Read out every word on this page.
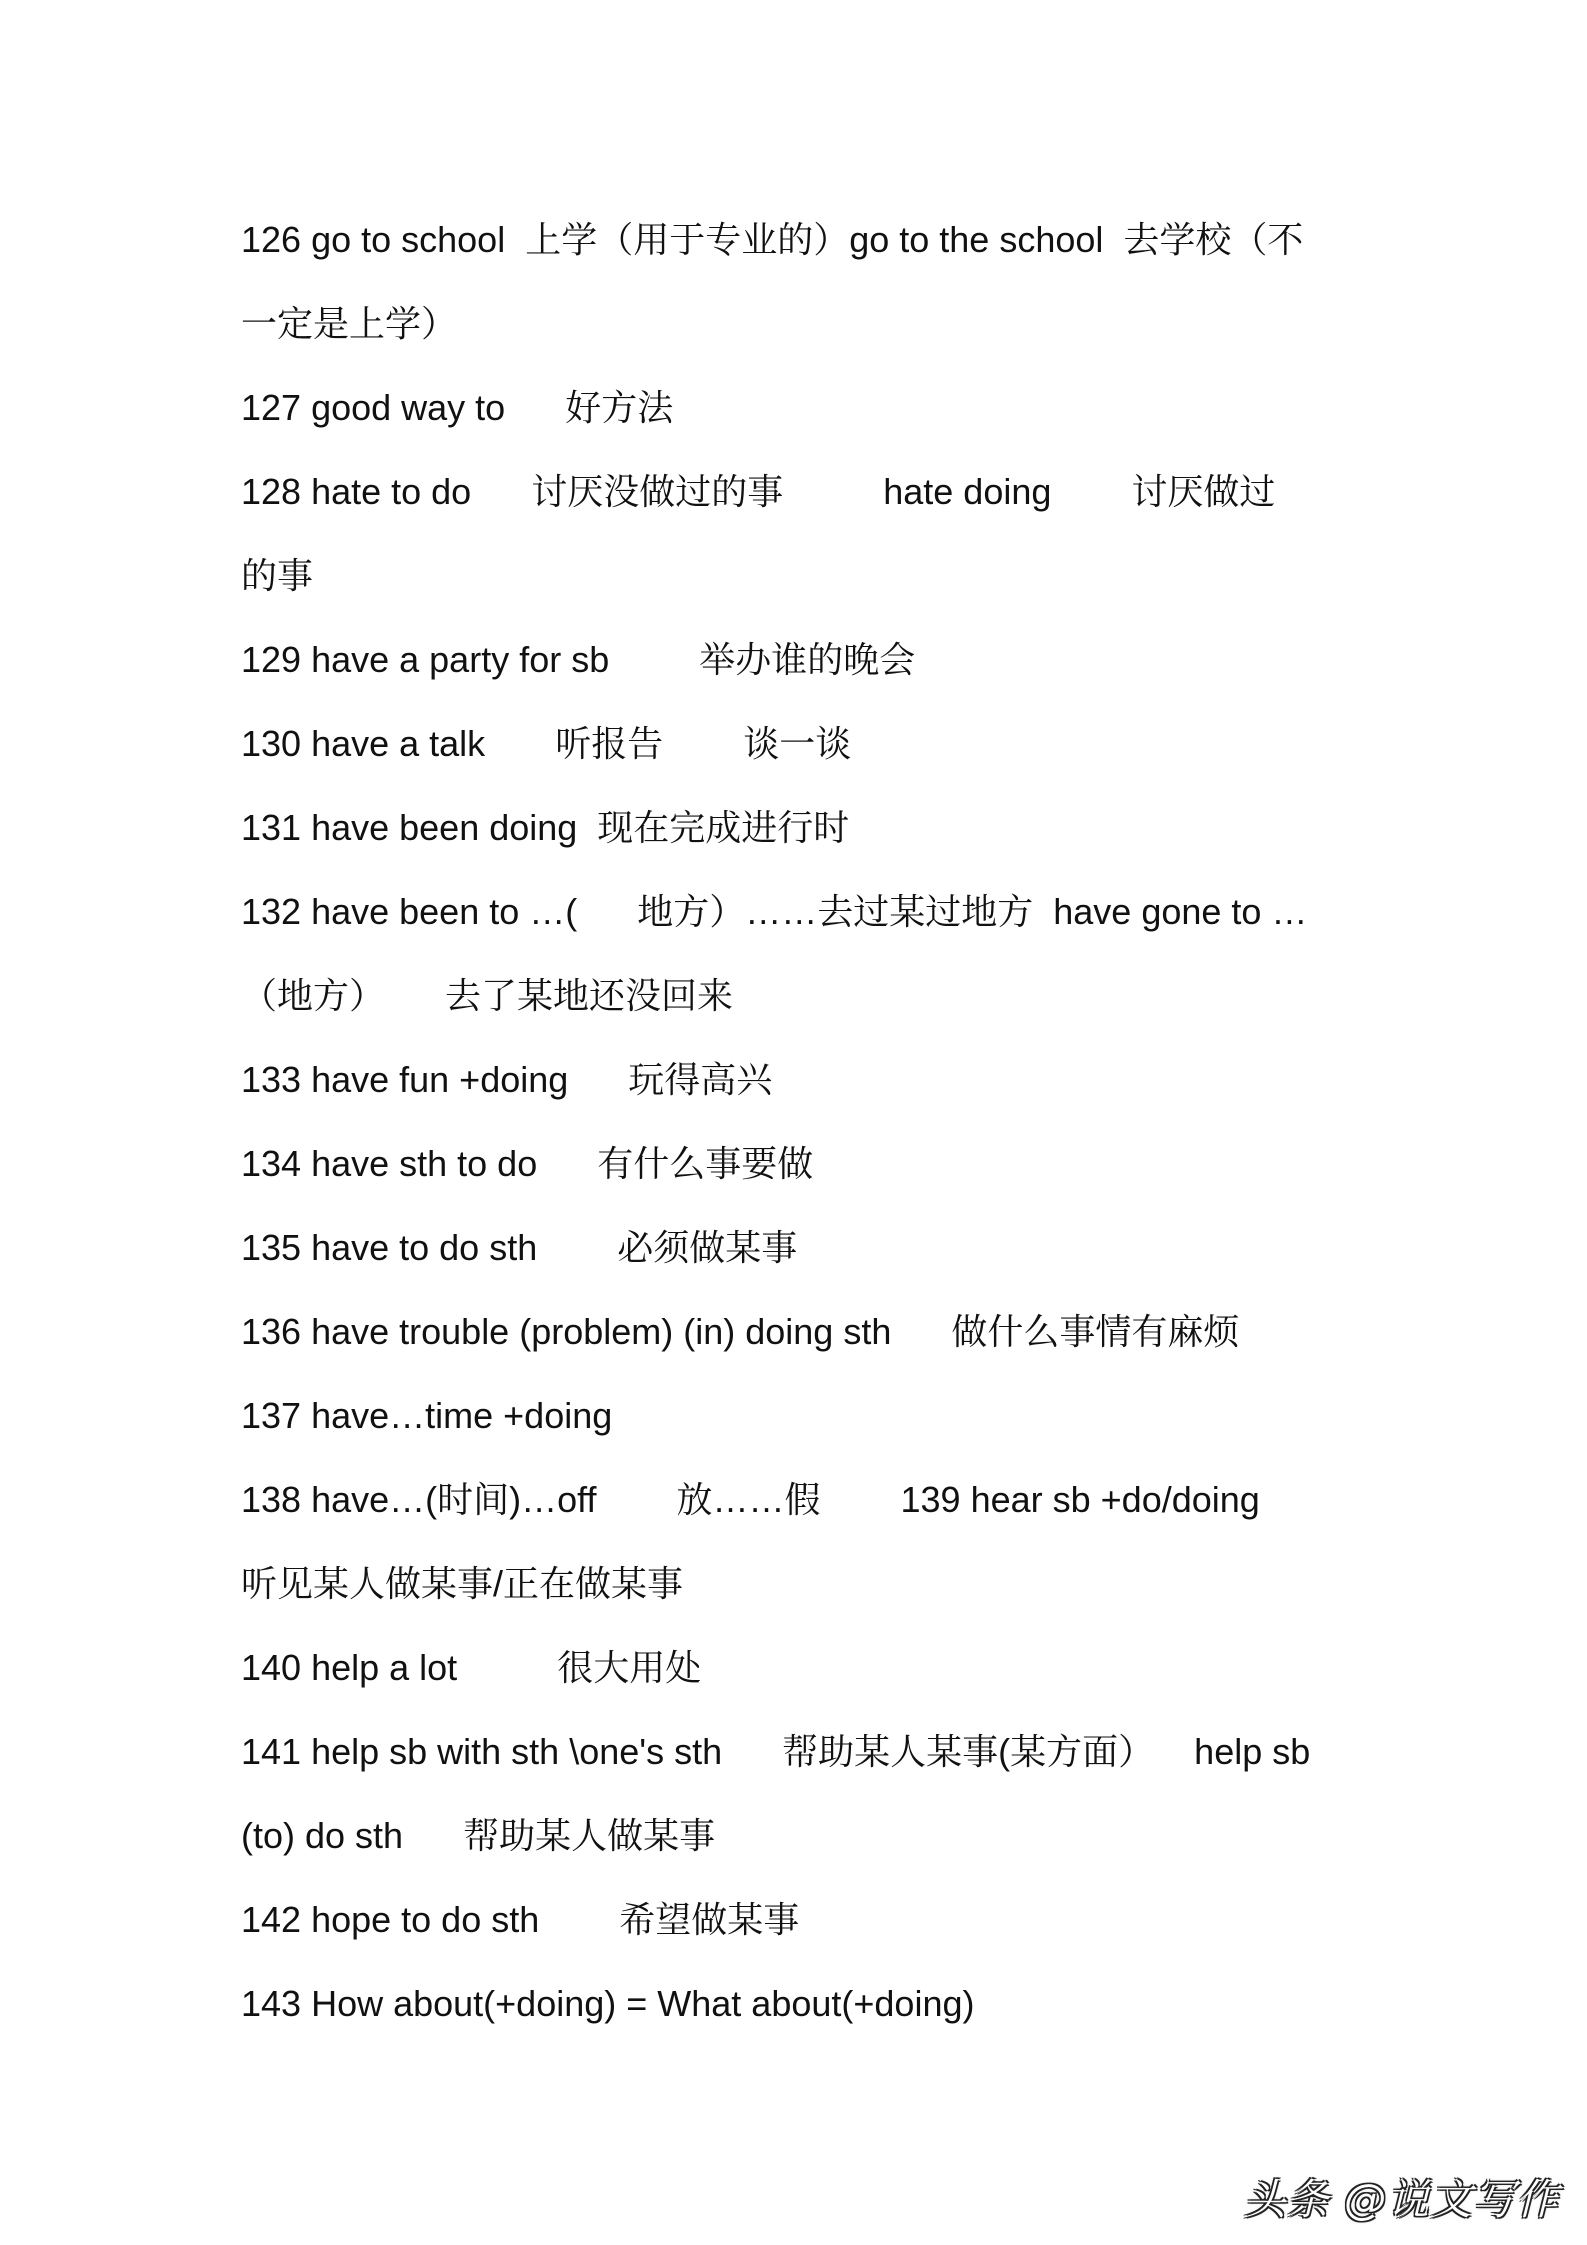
126 go to school  上学（用于专业的）go to the school  去学校（不
一定是上学）
127 good way to      好方法
128 hate to do      讨厌没做过的事          hate doing        讨厌做过
的事
129 have a party for sb         举办谁的晚会
130 have a talk       听报告        谈一谈
131 have been doing  现在完成进行时
132 have been to …(      地方）……去过某过地方  have gone to …
（地方）      去了某地还没回来
133 have fun +doing      玩得高兴
134 have sth to do      有什么事要做
135 have to do sth        必须做某事
136 have trouble (problem) (in) doing sth      做什么事情有麻烦
137 have…time +doing
138 have…(时间)…off        放……假        139 hear sb +do/doing
听见某人做某事/正在做某事
140 help a lot          很大用处
141 help sb with sth \one's sth      帮助某人某事(某方面）    help sb
(to) do sth      帮助某人做某事
142 hope to do sth        希望做某事
143 How about(+doing) = What about(+doing)
头条 @说文写作
